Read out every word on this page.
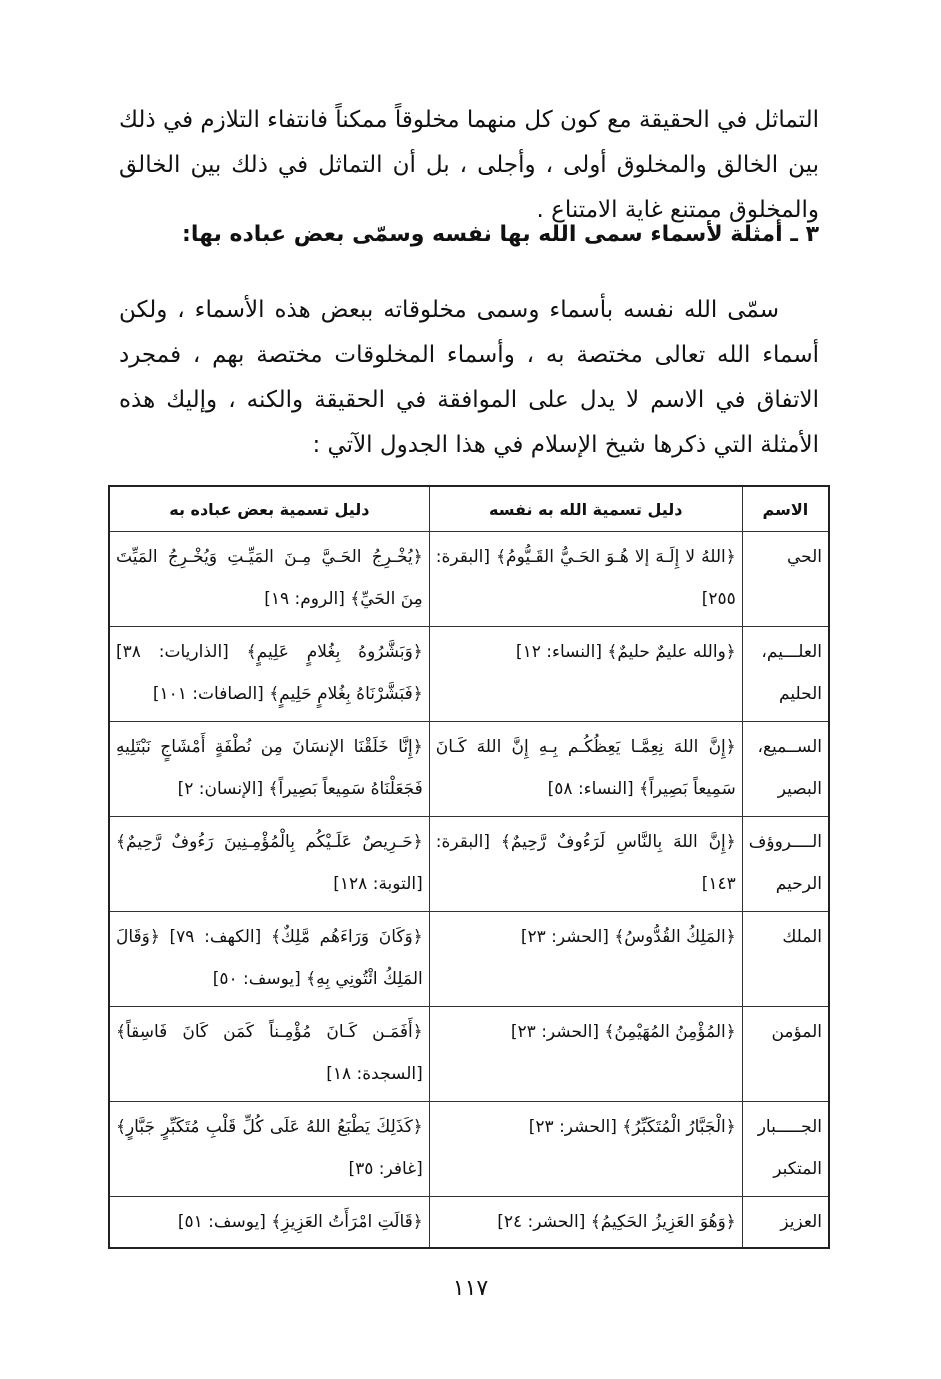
التماثل في الحقيقة مع كون كل منهما مخلوقاً ممكناً فانتفاء التلازم في ذلك بين الخالق والمخلوق أولى ، وأجلى ، بل أن التماثل في ذلك بين الخالق والمخلوق ممتنع غاية الامتناع .

٣ ـ أمثلة لأسماء سمى الله بها نفسه وسمّى بعض عباده بها:

سمّى الله نفسه بأسماء وسمى مخلوقاته ببعض هذه الأسماء ، ولكن أسماء الله تعالى مختصة به ، وأسماء المخلوقات مختصة بهم ، فمجرد الاتفاق في الاسم لا يدل على الموافقة في الحقيقة والكنه ، وإليك هذه الأمثلة التي ذكرها شيخ الإسلام في هذا الجدول الآتي :

الاسم	دليل تسمية الله به نفسه	دليل تسمية بعض عباده به
الحي	﴿اللهُ لا إِلَـهَ إلا هُـوَ الحَـيُّ القَـيُّومُ﴾ [البقرة: ٢٥٥]	﴿يُخْـرِجُ الحَـيَّ مِـنَ المَيِّـتِ وَيُخْـرِجُ المَيِّتَ مِنَ الحَيِّ﴾ [الروم: ١٩]
العلـــيم، الحليم	﴿والله عليمٌ حليمٌ﴾ [النساء: ١٢]	﴿وَبَشَّرُوهُ بِغُلامٍ عَلِيمٍ﴾ [الذاريات: ٣٨] ﴿فَبَشَّرْنَاهُ بِغُلامٍ حَلِيمٍ﴾ [الصافات: ١٠١]
الســميع، البصير	﴿إِنَّ اللهَ نِعِمَّـا يَعِظُكُـم بِـهِ إِنَّ اللهَ كَـانَ سَمِيعاً بَصِيراً﴾ [النساء: ٥٨]	﴿إِنَّا خَلَقْنَا الإنسَانَ مِن نُطْفَةٍ أَمْشَاجٍ نَبْتَلِيهِ فَجَعَلْنَاهُ سَمِيعاً بَصِيراً﴾ [الإنسان: ٢]
الــــروؤف الرحيم	﴿إِنَّ اللهَ بِالنَّاسِ لَرَءُوفٌ رَّحِيمٌ﴾ [البقرة: ١٤٣]	﴿حَـرِيصٌ عَلَـيْكُم بِالْمُؤْمِـنِينَ رَءُوفٌ رَّحِيمٌ﴾ [التوبة: ١٢٨]
الملك	﴿المَلِكُ القُدُّوسُ﴾ [الحشر: ٢٣]	﴿وَكَانَ وَرَاءَهُم مَّلِكٌ﴾ [الكهف: ٧٩] ﴿وَقَالَ المَلِكُ ائْتُونِي بِهِ﴾ [يوسف: ٥٠]
المؤمن	﴿المُؤْمِنُ المُهَيْمِنُ﴾ [الحشر: ٢٣]	﴿أَفَمَـن كَـانَ مُؤْمِـناً كَمَن كَانَ فَاسِقاً﴾ [السجدة: ١٨]
الجـــــبار المتكبر	﴿الْجَبَّارُ الْمُتَكَبِّرُ﴾ [الحشر: ٢٣]	﴿كَذَلِكَ يَطْبَعُ اللهُ عَلَى كُلِّ قَلْبِ مُتَكَبِّرٍ جَبَّارٍ﴾ [غافر: ٣٥]
العزيز	﴿وَهُوَ العَزِيزُ الحَكِيمُ﴾ [الحشر: ٢٤]	﴿قَالَتِ امْرَأَتُ العَزِيزِ﴾ [يوسف: ٥١]
١١٧
